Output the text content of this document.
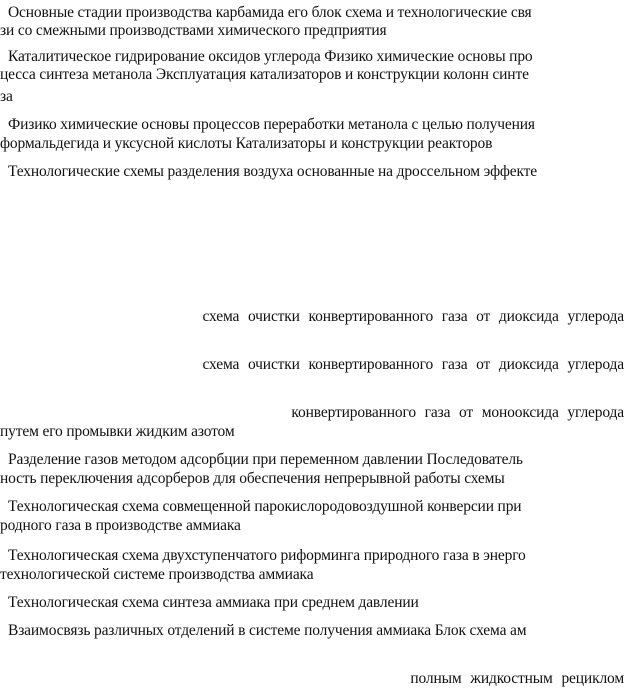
Основные стадии производства карбамида его блок схема и технологические свя
зи со смежными производствами химического предприятия
Каталитическое гидрирование оксидов углерода Физико химические основы про
цесса синтеза метанола Эксплуатация катализаторов и конструкции колонн синте
за
Физико химические основы процессов переработки метанола с целью получения
формальдегида и уксусной кислоты Катализаторы и конструкции реакторов
Технологические схемы разделения воздуха основанные на дроссельном эффекте
схема очистки конвертированного газа от диоксида углерода
схема очистки конвертированного газа от диоксида углерода
конвертированного газа от монооксида углерода
путем его промывки жидким азотом
Разделение газов методом адсорбции при переменном давлении Последователь
ность переключения адсорберов для обеспечения непрерывной работы схемы
Технологическая схема совмещенной парокислородовоздушной конверсии при
родного газа в производстве аммиака
Технологическая схема двухступенчатого риформинга природного газа в энерго
технологической системе производства аммиака
Технологическая схема синтеза аммиака при среднем давлении
Взаимосвязь различных отделений в системе получения аммиака Блок схема ам
полным жидкостным рециклом
